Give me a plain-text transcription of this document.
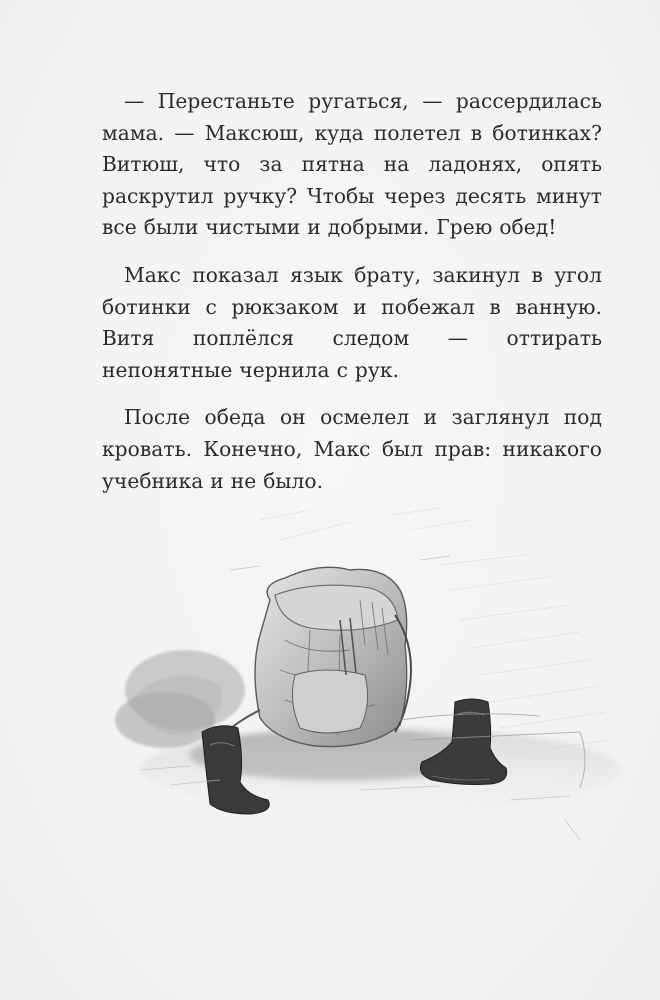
— Перестаньте ругаться, — рассердилась мама. — Максюш, куда полетел в ботинках? Витюш, что за пятна на ладонях, опять раскрутил ручку? Чтобы через десять минут все были чистыми и добрыми. Грею обед!

Макс показал язык брату, закинул в угол ботинки с рюкзаком и побежал в ванную. Витя поплёлся следом — оттирать непонятные чернила с рук.

После обеда он осмелел и заглянул под кровать. Конечно, Макс был прав: никакого учебника и не было.
